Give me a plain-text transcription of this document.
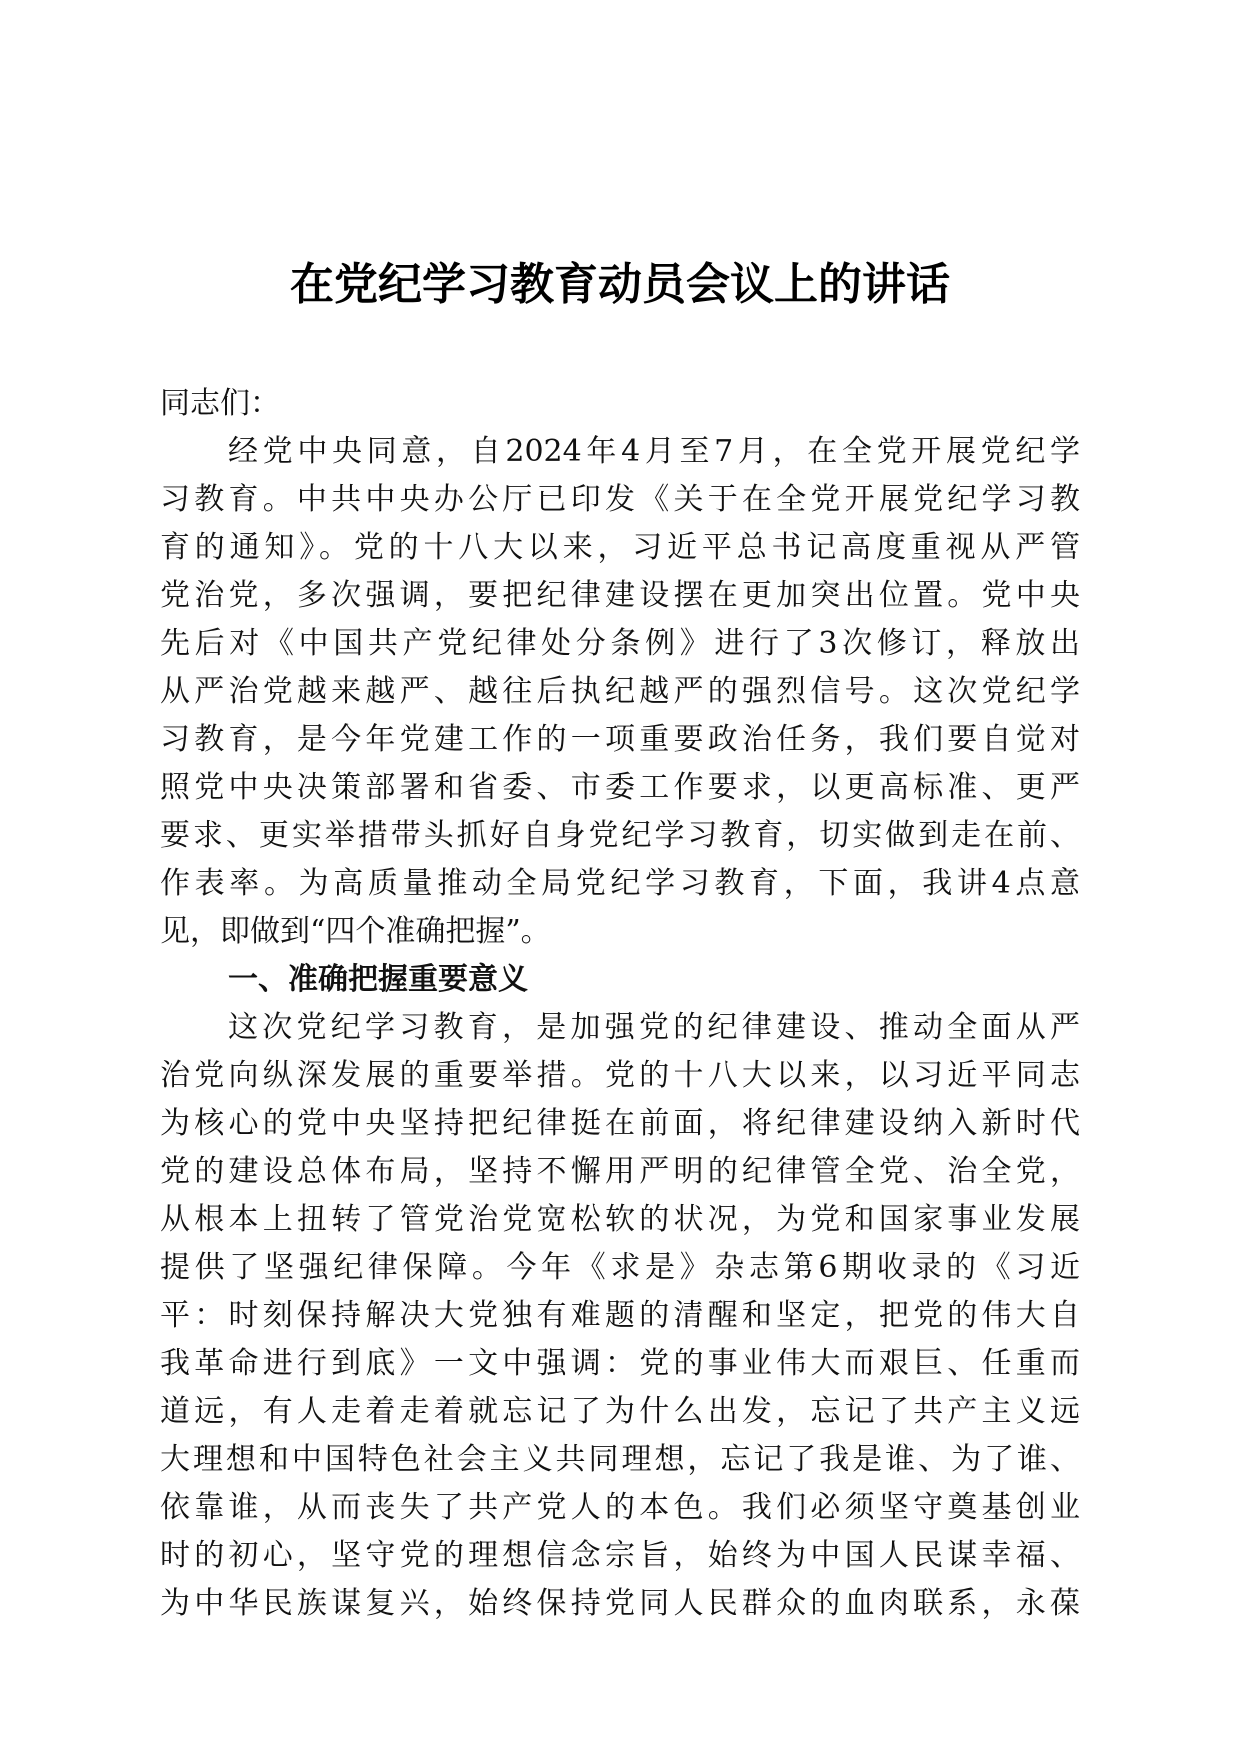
在党纪学习教育动员会议上的讲话
同志们：
经党中央同意，自2024年4月至7月，在全党开展党纪学
习教育。中共中央办公厅已印发《关于在全党开展党纪学习教
育的通知》。党的十八大以来，习近平总书记高度重视从严管
党治党，多次强调，要把纪律建设摆在更加突出位置。党中央
先后对《中国共产党纪律处分条例》进行了3次修订，释放出
从严治党越来越严、越往后执纪越严的强烈信号。这次党纪学
习教育，是今年党建工作的一项重要政治任务，我们要自觉对
照党中央决策部署和省委、市委工作要求，以更高标准、更严
要求、更实举措带头抓好自身党纪学习教育，切实做到走在前、
作表率。为高质量推动全局党纪学习教育，下面，我讲4点意
见，即做到“四个准确把握”。
一、准确把握重要意义
这次党纪学习教育，是加强党的纪律建设、推动全面从严
治党向纵深发展的重要举措。党的十八大以来，以习近平同志
为核心的党中央坚持把纪律挺在前面，将纪律建设纳入新时代
党的建设总体布局，坚持不懈用严明的纪律管全党、治全党，
从根本上扭转了管党治党宽松软的状况，为党和国家事业发展
提供了坚强纪律保障。今年《求是》杂志第6期收录的《习近
平：时刻保持解决大党独有难题的清醒和坚定，把党的伟大自
我革命进行到底》一文中强调：党的事业伟大而艰巨、任重而
道远，有人走着走着就忘记了为什么出发，忘记了共产主义远
大理想和中国特色社会主义共同理想，忘记了我是谁、为了谁、
依靠谁，从而丧失了共产党人的本色。我们必须坚守奠基创业
时的初心，坚守党的理想信念宗旨，始终为中国人民谋幸福、
为中华民族谋复兴，始终保持党同人民群众的血肉联系，永葆
